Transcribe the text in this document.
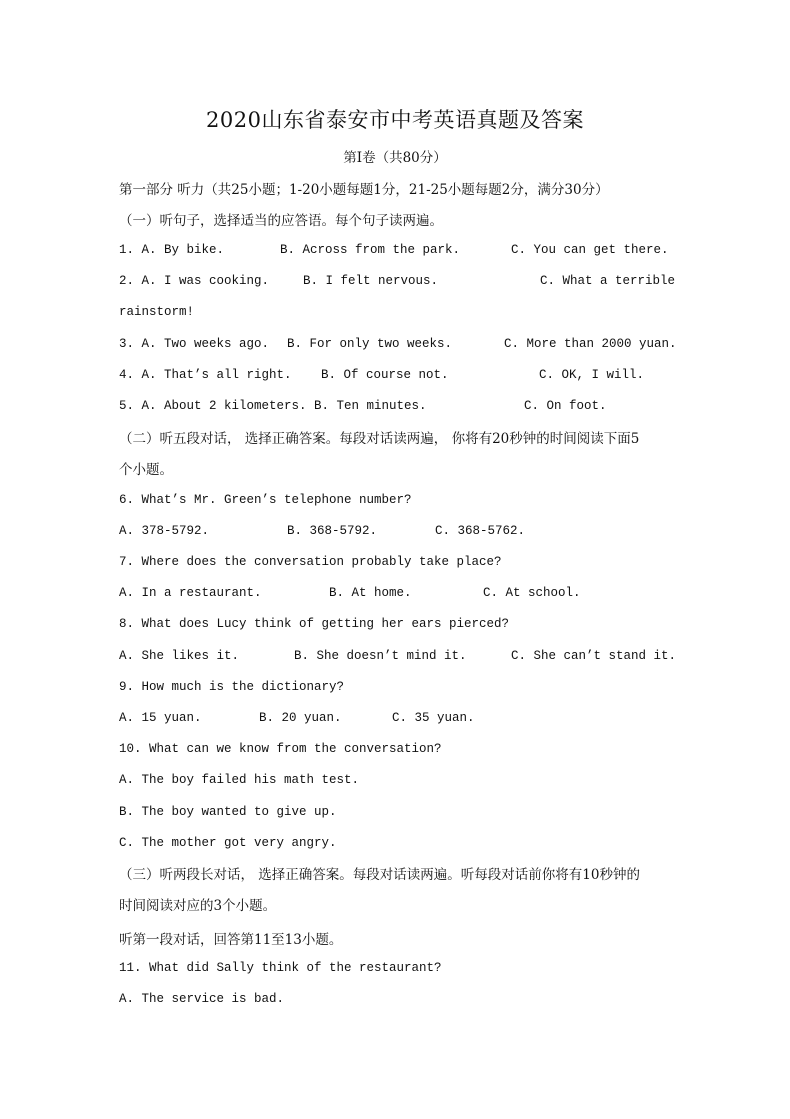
2020山东省泰安市中考英语真题及答案
第I卷（共80分）
第一部分 听力（共25小题；1-20小题每题1分，21-25小题每题2分，满分30分）
（一）听句子，选择适当的应答语。每个句子读两遍。
1. A. By bike.	B. Across from the park.	C. You can get there.
2. A. I was cooking.	B. I felt nervous.	C. What a terrible
rainstorm!
3. A. Two weeks ago. B. For only two weeks.	C. More than 2000 yuan.
4. A. That’s all right. B. Of course not.	C. OK, I will.
5. A. About 2 kilometers. B. Ten minutes.	C. On foot.
（二）听五段对话， 选择正确答案。每段对话读两遍， 你将有20秒钟的时间阅读下面5
个小题。
6. What’s Mr. Green’s telephone number?
A. 378-5792.	B. 368-5792.	C. 368-5762.
7. Where does the conversation probably take place?
A. In a restaurant.	B. At home.	C. At school.
8. What does Lucy think of getting her ears pierced?
A. She likes it.	B. She doesn’t mind it.	C. She can’t stand it.
9. How much is the dictionary?
A. 15 yuan.	B. 20 yuan.	C. 35 yuan.
10. What can we know from the conversation?
A. The boy failed his math test.
B. The boy wanted to give up.
C. The mother got very angry.
（三）听两段长对话， 选择正确答案。每段对话读两遍。听每段对话前你将有10秒钟的
时间阅读对应的3个小题。
听第一段对话，回答第11至13小题。
11. What did Sally think of the restaurant?
A. The service is bad.
